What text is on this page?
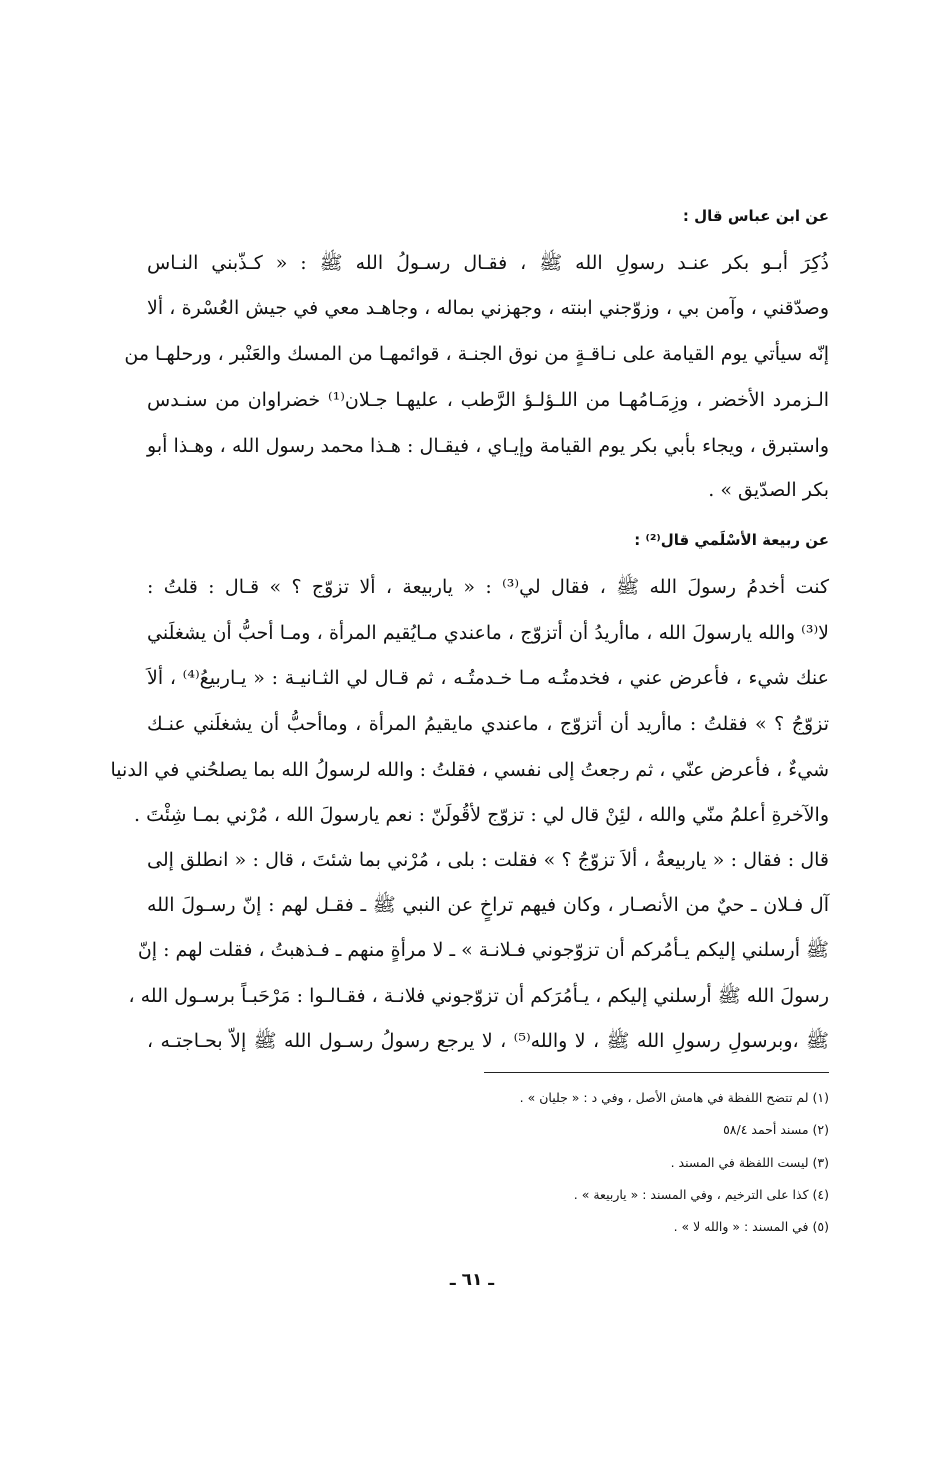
عن ابن عباس قال :
ذُكِرَ أبـو بكر عنـد رسولِ الله ﷺ ، فقـال رسـولُ الله ﷺ : « كـذّبني النـاس
وصدّقني ، وآمن بي ، وزوّجني ابنته ، وجهزني بماله ، وجاهـد معي في جيش العُسْرة ، ألا
إنّه سيأتي يوم القيامة على نـاقـةٍ من نوق الجنـة ، قوائمهـا من المسك والعَنْبر ، ورحلهـا من
الـزمرد الأخضر ، وزِمَـامُهـا من اللـؤلـؤ الرَّطب ، عليهـا جـلان⁽¹⁾ خضراوان من سنـدس
واستبرق ، ويجاء بأبي بكر يوم القيامة وإيـاي ، فيقـال : هـذا محمد رسول الله ، وهـذا أبو
بكر الصدّيق » .
عن ربيعة الأسْلَمي قال⁽²⁾ :
كنت أخدمُ رسولَ الله ﷺ ، فقال لي⁽³⁾ : « ياربيعة ، ألا تزوّج ؟ » قـال : قلتُ :
لا⁽³⁾ والله يارسولَ الله ، ماأريدُ أن أتزوّج ، ماعندي مـايُقيم المرأة ، ومـا أحبُّ أن يشغلَني
عنك شيء ، فأعرض عني ، فخدمتُـه مـا خـدمتُـه ، ثم قـال لي الثـانيـة : « يـاربيعُ⁽⁴⁾ ، ألاَ
تزوّجُ ؟ » فقلتُ : ماأريد أن أتزوّج ، ماعندي مايقيمُ المرأة ، وماأحبُّ أن يشغلَني عنـك
شيءٌ ، فأعرض عنّي ، ثم رجعتُ إلى نفسي ، فقلتُ : والله لرسولُ الله بما يصلحُني في الدنيا
والآخرةِ أعلمُ منّي والله ، لئِنْ قال لي : تزوّج لأقُولَنّ : نعم يارسولَ الله ، مُرْني بمـا شِئْتَ .
قال : فقال : « ياربيعةُ ، ألاَ تزوّجُ ؟ » فقلت : بلى ، مُرْني بما شئتَ ، قال : « انطلق إلى
آل فـلان ـ حيٌ من الأنصـار ، وكان فيهم تراخٍ عن النبي ﷺ ـ فقـل لهم : إنّ رسـولَ الله
ﷺ أرسلني إليكم يـأمُركم أن تزوّجوني فـلانـة » ـ لا مرأةٍ منهم ـ فـذهبتُ ، فقلت لهم : إنّ
رسولَ الله ﷺ أرسلني إليكم ، يـأمُرَكم أن تزوّجوني فلانـة ، فقـالـوا : مَرْحَبـاً برسـول الله ،
ﷺ ،وبرسولِ رسولِ الله ﷺ ، لا والله⁽⁵⁾ ، لا يرجع رسولُ رسـول الله ﷺ إلاّ بحـاجتـه ،
(١) لم تتضح اللفظة في هامش الأصل ، وفي د : « جليان » .
(٢) مسند أحمد ٥٨/٤
(٣) ليست اللفظة في المسند .
(٤) كذا على الترخيم ، وفي المسند : « ياربيعة » .
(٥) في المسند : « والله لا » .
ـ ٦١ ـ
